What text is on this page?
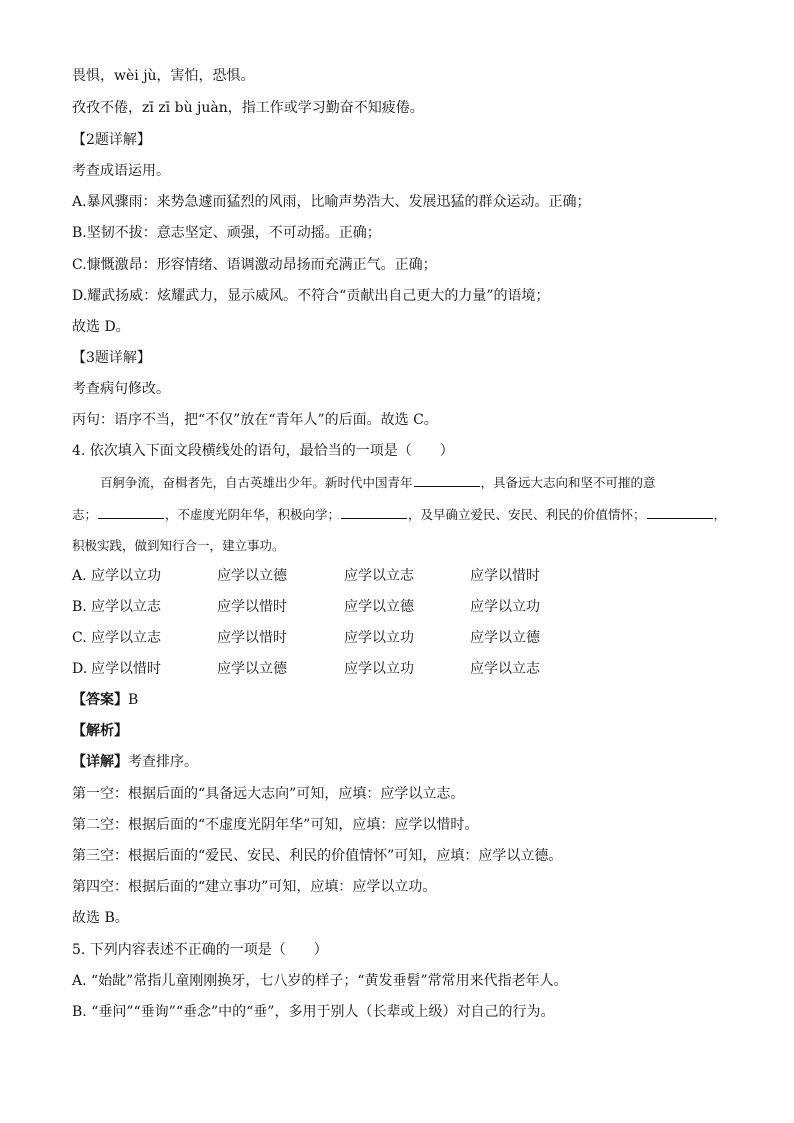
畏惧，wèi jù，害怕，恐惧。
孜孜不倦，zī zī bù juàn，指工作或学习勤奋不知疲倦。
【2题详解】
考查成语运用。
A.暴风骤雨：来势急遽而猛烈的风雨，比喻声势浩大、发展迅猛的群众运动。正确；
B.坚韧不拔：意志坚定、顽强，不可动摇。正确；
C.慷慨激昂：形容情绪、语调激动昂扬而充满正气。正确；
D.耀武扬威：炫耀武力，显示威风。不符合“贡献出自己更大的力量”的语境；
故选 D。
【3题详解】
考查病句修改。
丙句：语序不当，把“不仅”放在“青年人”的后面。故选 C。
4. 依次填入下面文段横线处的语句，最恰当的一项是（　　）
百舸争流，奋楫者先，自古英雄出少年。新时代中国青年	，具备远大志向和坚不可摧的意
志；	，不虚度光阴年华，积极向学；	，及早确立爱民、安民、利民的价值情怀；	，
积极实践，做到知行合一，建立事功。
A. 应学以立功	应学以立德	应学以立志	应学以惜时
B. 应学以立志	应学以惜时	应学以立德	应学以立功
C. 应学以立志	应学以惜时	应学以立功	应学以立德
D. 应学以惜时	应学以立德	应学以立功	应学以立志
【答案】B
【解析】
【详解】考查排序。
第一空：根据后面的“具备远大志向”可知，应填：应学以立志。
第二空：根据后面的“不虚度光阴年华”可知，应填：应学以惜时。
第三空：根据后面的“爱民、安民、利民的价值情怀”可知，应填：应学以立德。
第四空：根据后面的“建立事功”可知，应填：应学以立功。
故选 B。
5. 下列内容表述不正确的一项是（　　）
A. “始龀”常指儿童刚刚换牙，七八岁的样子；“黄发垂髫”常常用来代指老年人。
B. “垂问”“垂询”“垂念”中的“垂”，多用于别人（长辈或上级）对自己的行为。
